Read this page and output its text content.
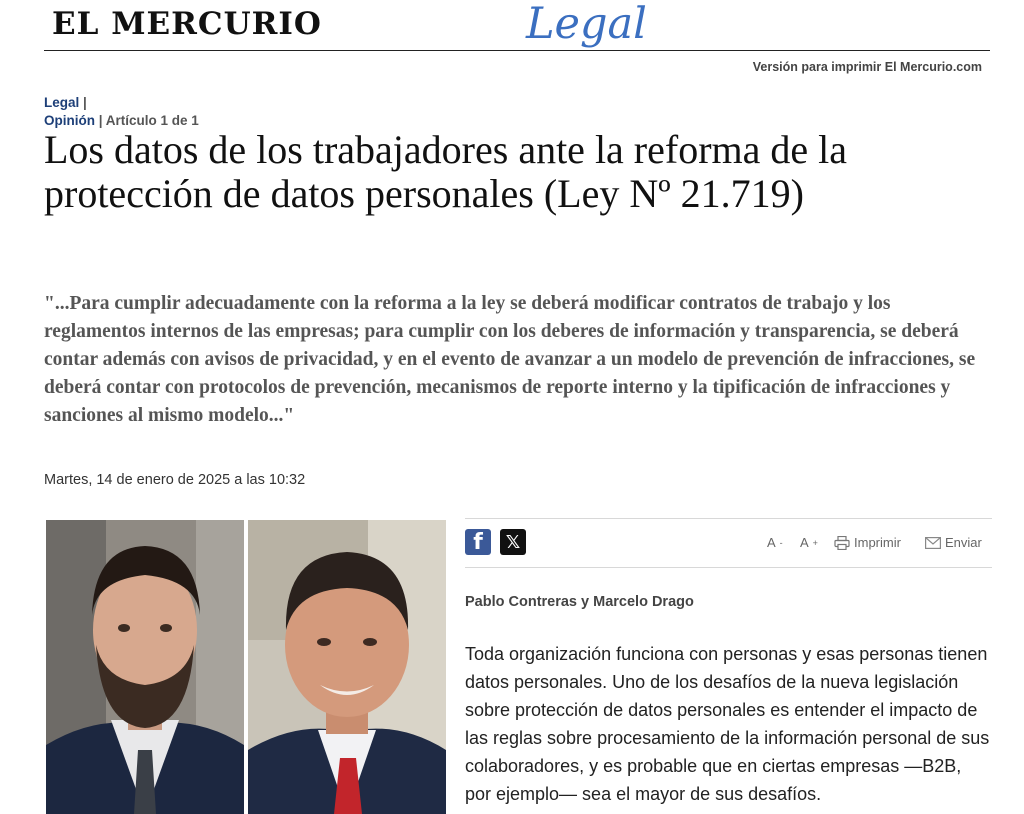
EL MERCURIO	Legal
Versión para imprimir El Mercurio.com
Legal |
Opinión | Artículo 1 de 1
Los datos de los trabajadores ante la reforma de la protección de datos personales (Ley Nº 21.719)

"...Para cumplir adecuadamente con la reforma a la ley se deberá modificar contratos de trabajo y los reglamentos internos de las empresas; para cumplir con los deberes de información y transparencia, se deberá contar además con avisos de privacidad, y en el evento de avanzar a un modelo de prevención de infracciones, se deberá contar con protocolos de prevención, mecanismos de reporte interno y la tipificación de infracciones y sanciones al mismo modelo..."

Martes, 14 de enero de 2025 a las 10:32
f	𝕏	A - A +	Imprimir	Enviar
Pablo Contreras y Marcelo Drago

Toda organización funciona con personas y esas personas tienen datos personales. Uno de los desafíos de la nueva legislación sobre protección de datos personales es entender el impacto de las reglas sobre procesamiento de la información personal de sus colaboradores, y es probable que en ciertas empresas —B2B, por ejemplo— sea el mayor de sus desafíos.
